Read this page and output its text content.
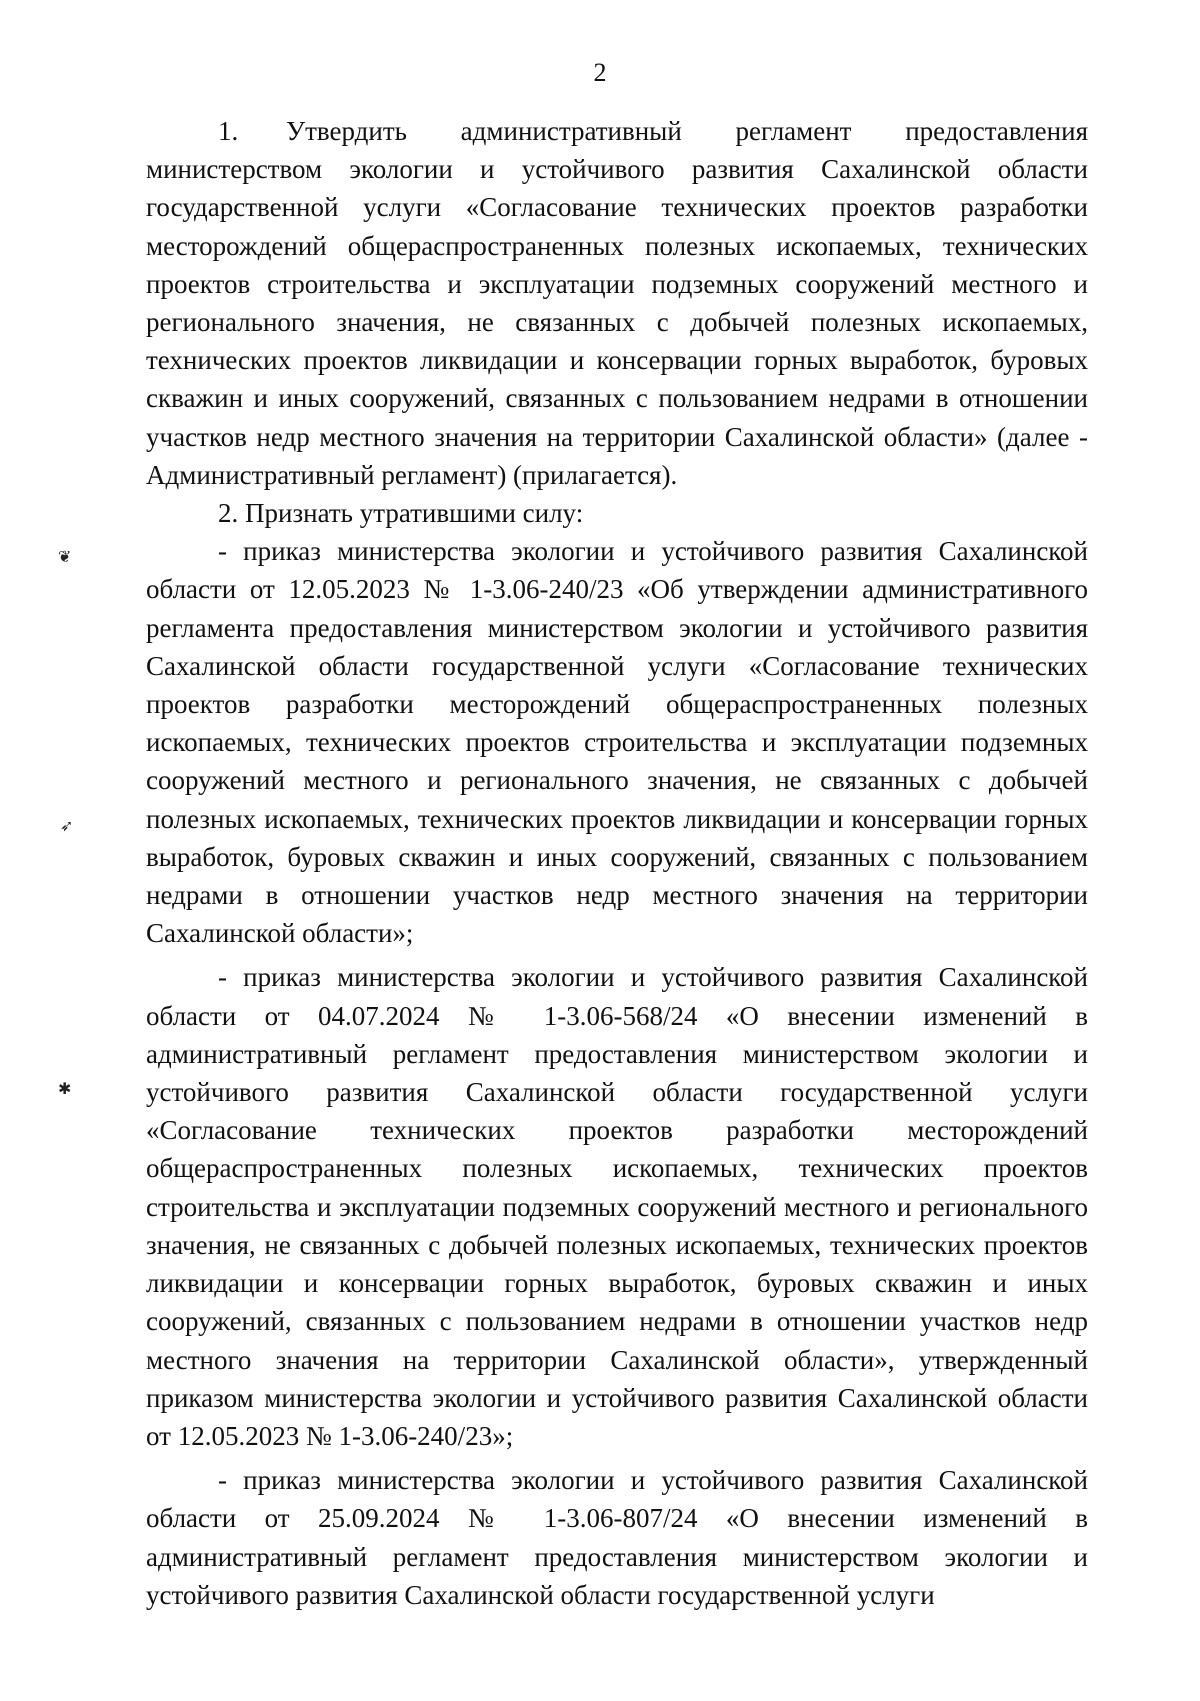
2

1. Утвердить административный регламент предоставления министерством экологии и устойчивого развития Сахалинской области государственной услуги «Согласование технических проектов разработки месторождений общераспространенных полезных ископаемых, технических проектов строительства и эксплуатации подземных сооружений местного и регионального значения, не связанных с добычей полезных ископаемых, технических проектов ликвидации и консервации горных выработок, буровых скважин и иных сооружений, связанных с пользованием недрами в отношении участков недр местного значения на территории Сахалинской области» (далее - Административный регламент) (прилагается).

2. Признать утратившими силу:

- приказ министерства экологии и устойчивого развития Сахалинской области от 12.05.2023 № 1-3.06-240/23 «Об утверждении административного регламента предоставления министерством экологии и устойчивого развития Сахалинской области государственной услуги «Согласование технических проектов разработки месторождений общераспространенных полезных ископаемых, технических проектов строительства и эксплуатации подземных сооружений местного и регионального значения, не связанных с добычей полезных ископаемых, технических проектов ликвидации и консервации горных выработок, буровых скважин и иных сооружений, связанных с пользованием недрами в отношении участков недр местного значения на территории Сахалинской области»;

- приказ министерства экологии и устойчивого развития Сахалинской области от 04.07.2024 № 1-3.06-568/24 «О внесении изменений в административный регламент предоставления министерством экологии и устойчивого развития Сахалинской области государственной услуги «Согласование технических проектов разработки месторождений общераспространенных полезных ископаемых, технических проектов строительства и эксплуатации подземных сооружений местного и регионального значения, не связанных с добычей полезных ископаемых, технических проектов ликвидации и консервации горных выработок, буровых скважин и иных сооружений, связанных с пользованием недрами в отношении участков недр местного значения на территории Сахалинской области», утвержденный приказом министерства экологии и устойчивого развития Сахалинской области от 12.05.2023 № 1-3.06-240/23»;

- приказ министерства экологии и устойчивого развития Сахалинской области от 25.09.2024 № 1-3.06-807/24 «О внесении изменений в административный регламент предоставления министерством экологии и устойчивого развития Сахалинской области государственной услуги

❦
➶
✱
